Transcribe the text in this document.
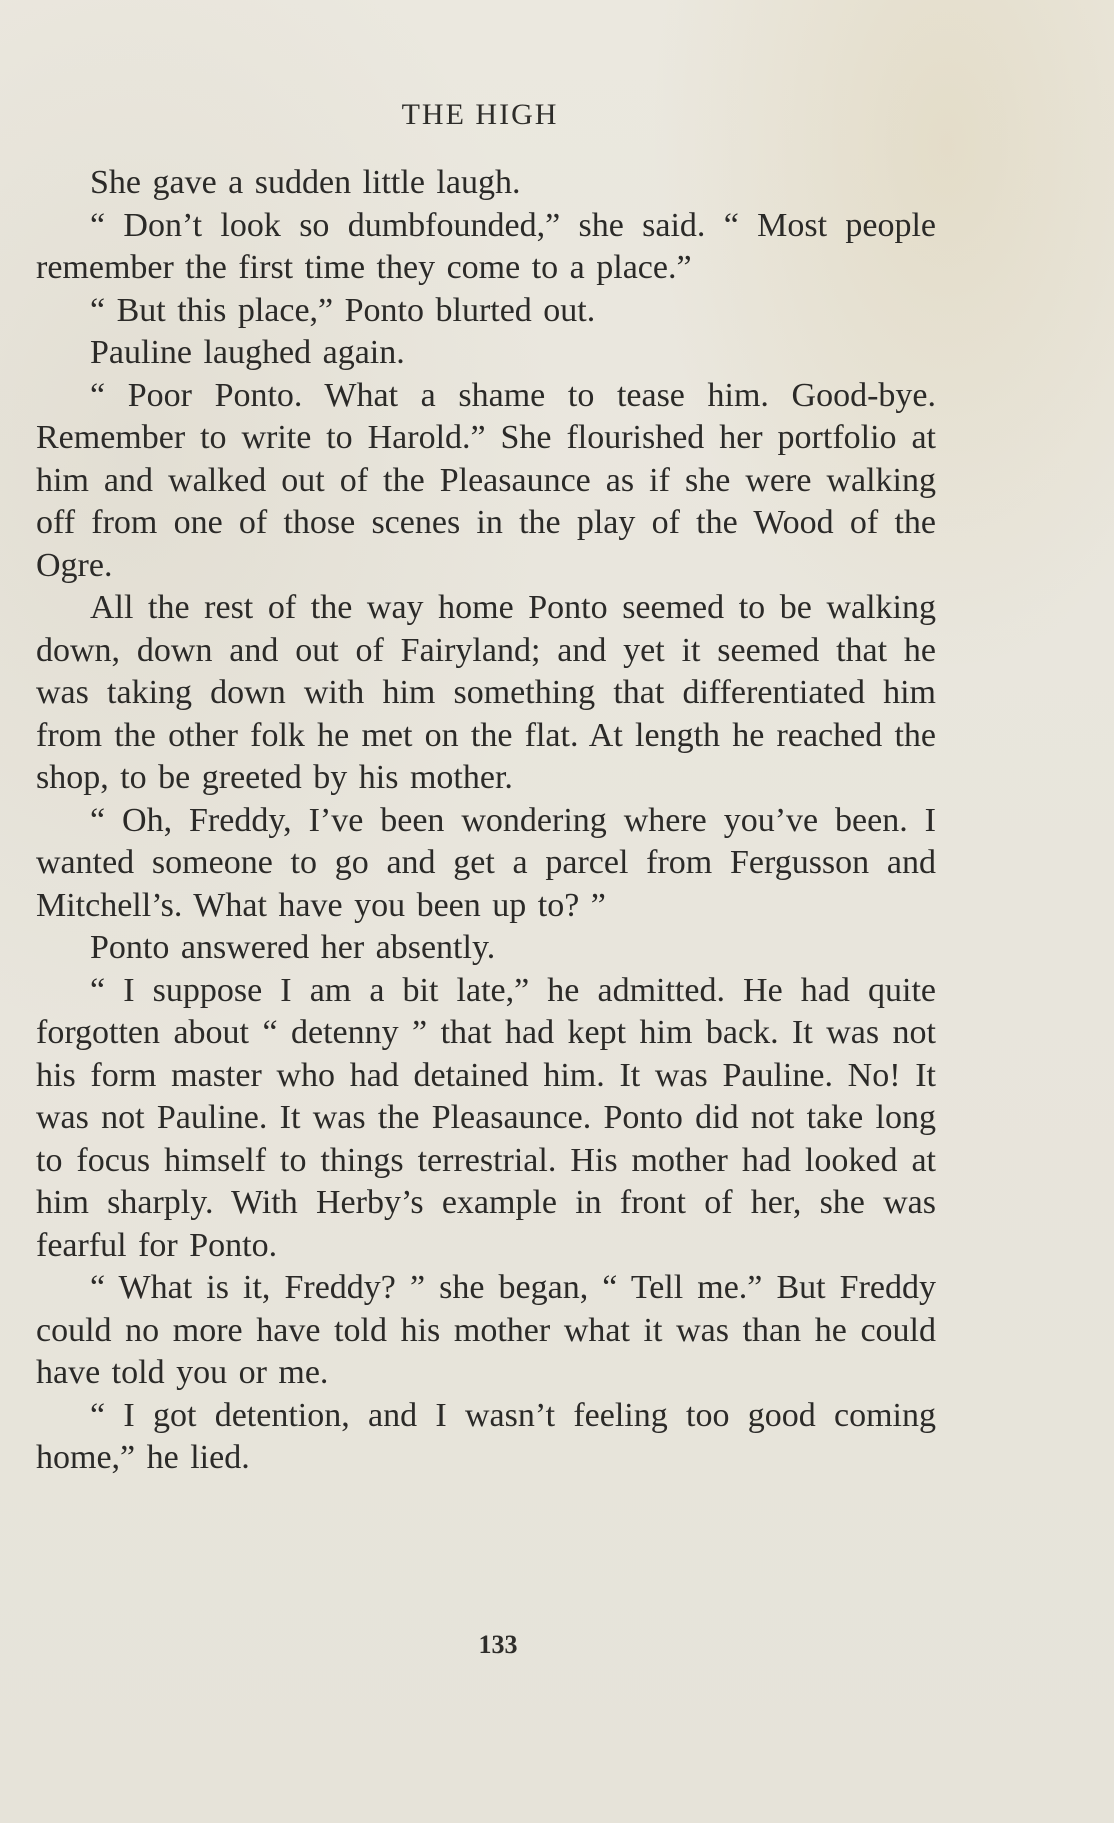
THE HIGH

She gave a sudden little laugh.

“ Don’t look so dumbfounded,” she said. “ Most people remember the first time they come to a place.”

“ But this place,” Ponto blurted out.

Pauline laughed again.

“ Poor Ponto. What a shame to tease him. Good-bye. Remember to write to Harold.” She flourished her portfolio at him and walked out of the Pleasaunce as if she were walking off from one of those scenes in the play of the Wood of the Ogre.

All the rest of the way home Ponto seemed to be walking down, down and out of Fairyland; and yet it seemed that he was taking down with him something that differentiated him from the other folk he met on the flat. At length he reached the shop, to be greeted by his mother.

“ Oh, Freddy, I’ve been wondering where you’ve been. I wanted someone to go and get a parcel from Fergusson and Mitchell’s. What have you been up to? ”

Ponto answered her absently.

“ I suppose I am a bit late,” he admitted. He had quite forgotten about “ detenny ” that had kept him back. It was not his form master who had detained him. It was Pauline. No! It was not Pauline. It was the Pleasaunce. Ponto did not take long to focus himself to things terrestrial. His mother had looked at him sharply. With Herby’s example in front of her, she was fearful for Ponto.

“ What is it, Freddy? ” she began, “ Tell me.” But Freddy could no more have told his mother what it was than he could have told you or me.

“ I got detention, and I wasn’t feeling too good coming home,” he lied.

133
